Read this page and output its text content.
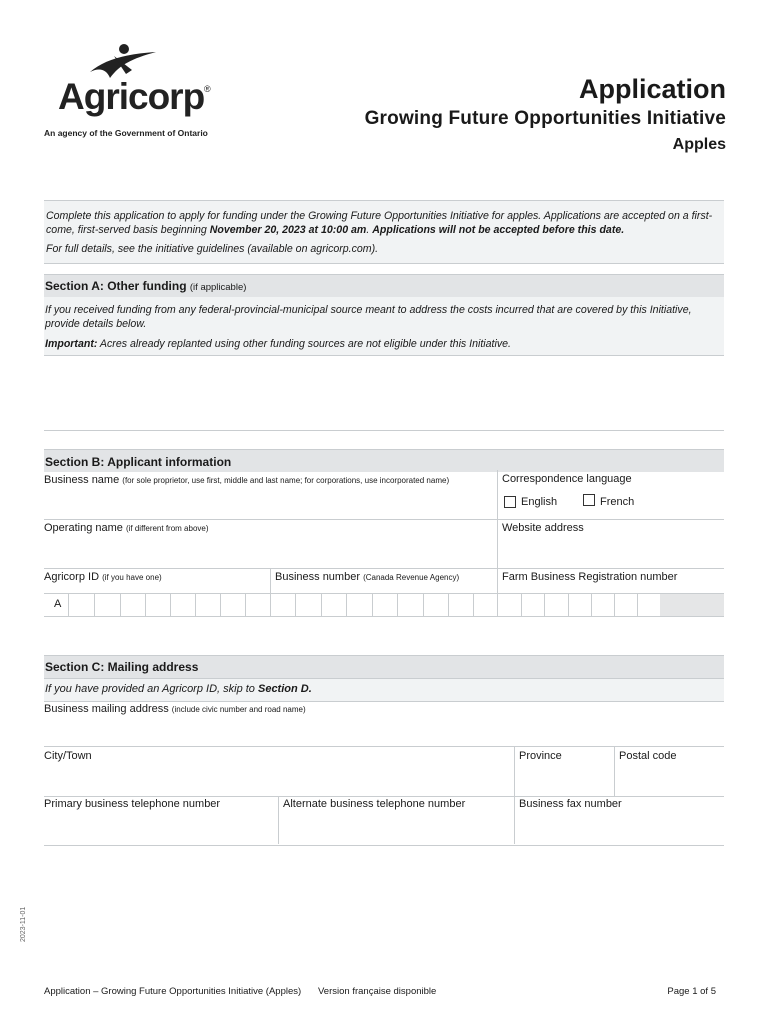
Agricorp ®
An agency of the Government of Ontario
Application
Growing Future Opportunities Initiative
Apples

Complete this application to apply for funding under the Growing Future Opportunities Initiative for apples. Applications are accepted on a first-come, first-served basis beginning November 20, 2023 at 10:00 am. Applications will not be accepted before this date.

For full details, see the initiative guidelines (available on agricorp.com).

Section A: Other funding (if applicable)

If you received funding from any federal-provincial-municipal source meant to address the costs incurred that are covered by this Initiative, provide details below.

Important: Acres already replanted using other funding sources are not eligible under this Initiative.

Section B: Applicant information
Business name (for sole proprietor, use first, middle and last name; for corporations, use incorporated name)	Correspondence language
English	French
Operating name (if different from above)	Website address
Agricorp ID (if you have one)	Business number (Canada Revenue Agency)	Farm Business Registration number
A
Section C: Mailing address
If you have provided an Agricorp ID, skip to Section D.
Business mailing address (include civic number and road name)
City/Town	Province	Postal code
Primary business telephone number	Alternate business telephone number	Business fax number
2023-11-01
Application – Growing Future Opportunities Initiative (Apples) Version française disponible	Page 1 of 5
